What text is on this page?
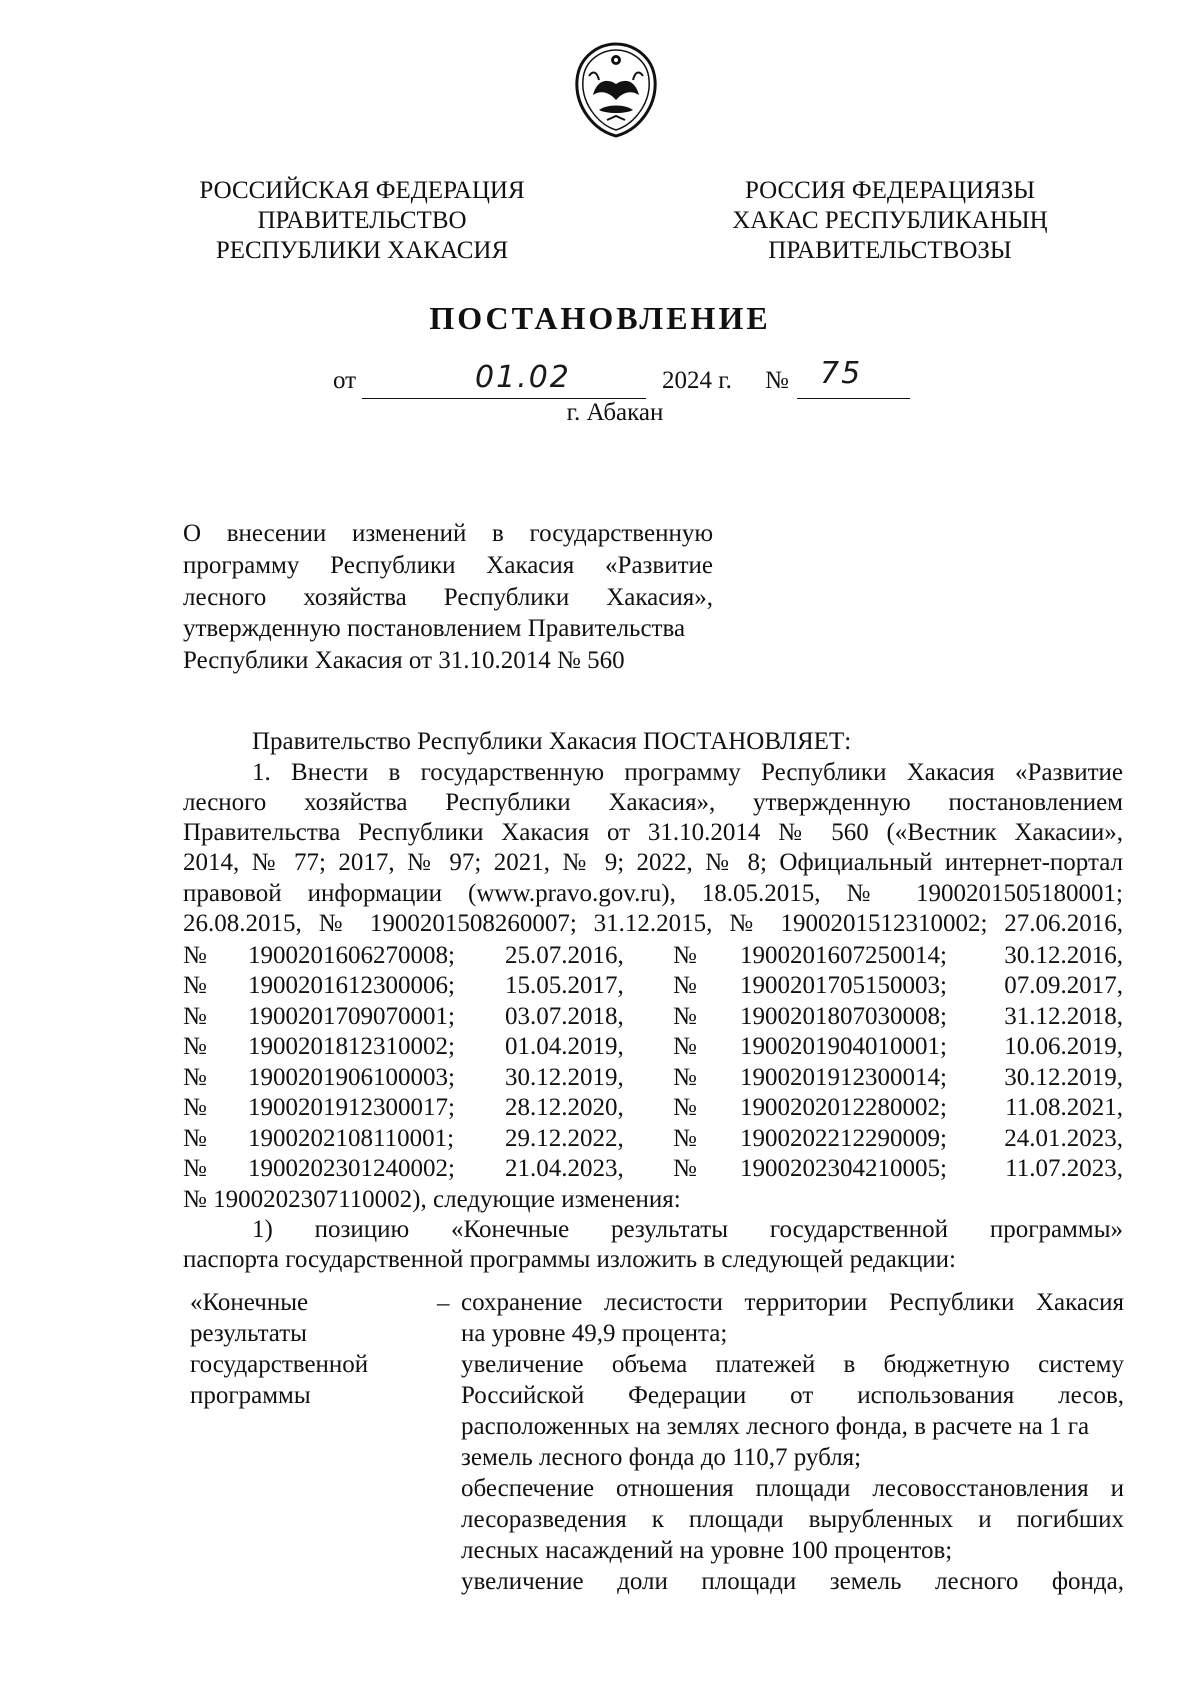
РОССИЙСКАЯ ФЕДЕРАЦИЯ
ПРАВИТЕЛЬСТВО
РЕСПУБЛИКИ ХАКАСИЯ
РОССИЯ ФЕДЕРАЦИЯЗЫ
ХАКАС РЕСПУБЛИКАНЫҢ
ПРАВИТЕЛЬСТВОЗЫ
ПОСТАНОВЛЕНИЕ
от	01.02	2024 г. № 75
г. Абакан
О внесении изменений в государственную
программу Республики Хакасия «Развитие
лесного хозяйства Республики Хакасия»,
утвержденную постановлением Правительства
Республики Хакасия от 31.10.2014 № 560
Правительство Республики Хакасия ПОСТАНОВЛЯЕТ:
1. Внести в государственную программу Республики Хакасия «Развитие
лесного хозяйства Республики Хакасия», утвержденную постановлением
Правительства Республики Хакасия от 31.10.2014 № 560 («Вестник Хакасии»,
2014, № 77; 2017, № 97; 2021, № 9; 2022, № 8; Официальный интернет-портал
правовой информации (www.pravo.gov.ru), 18.05.2015, № 1900201505180001;
26.08.2015, № 1900201508260007; 31.12.2015, № 1900201512310002; 27.06.2016,
№ 1900201606270008; 25.07.2016, № 1900201607250014; 30.12.2016,
№ 1900201612300006; 15.05.2017, № 1900201705150003; 07.09.2017,
№ 1900201709070001; 03.07.2018, № 1900201807030008; 31.12.2018,
№ 1900201812310002; 01.04.2019, № 1900201904010001; 10.06.2019,
№ 1900201906100003; 30.12.2019, № 1900201912300014; 30.12.2019,
№ 1900201912300017; 28.12.2020, № 1900202012280002; 11.08.2021,
№ 1900202108110001; 29.12.2022, № 1900202212290009; 24.01.2023,
№ 1900202301240002; 21.04.2023, № 1900202304210005; 11.07.2023,
№ 1900202307110002), следующие изменения:
1) позицию «Конечные результаты государственной программы»
паспорта государственной программы изложить в следующей редакции:
«Конечные
результаты
государственной
программы
– сохранение лесистости территории Республики Хакасия
на уровне 49,9 процента;
увеличение объема платежей в бюджетную систему
Российской Федерации от использования лесов,
расположенных на землях лесного фонда, в расчете на 1 га
земель лесного фонда до 110,7 рубля;
обеспечение отношения площади лесовосстановления и
лесоразведения к площади вырубленных и погибших
лесных насаждений на уровне 100 процентов;
увеличение доли площади земель лесного фонда,
